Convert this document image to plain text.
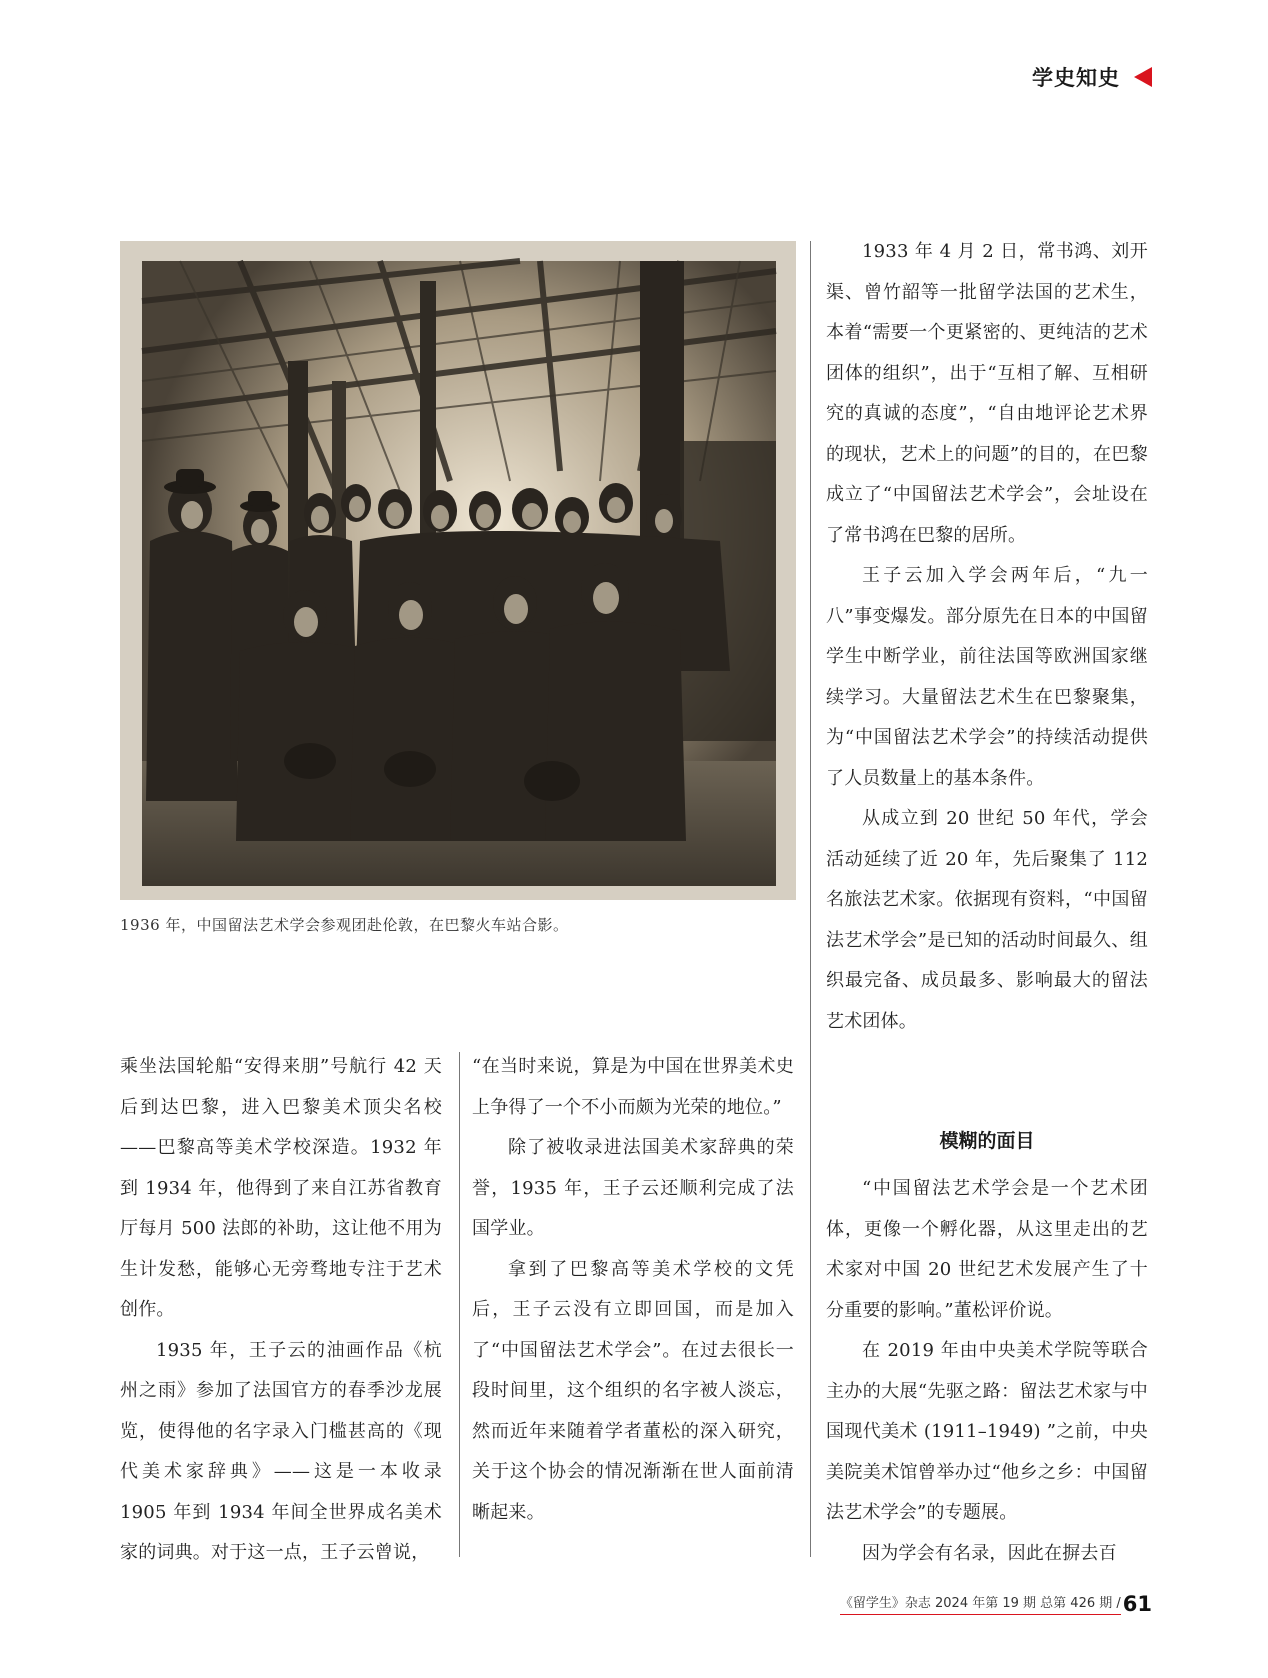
学史知史

1936 年，中国留法艺术学会参观团赴伦敦，在巴黎火车站合影。

乘坐法国轮船“安得来朋”号航行 42 天后到达巴黎，进入巴黎美术顶尖名校——巴黎高等美术学校深造。1932 年到 1934 年，他得到了来自江苏省教育厅每月 500 法郎的补助，这让他不用为生计发愁，能够心无旁骛地专注于艺术创作。

1935 年，王子云的油画作品《杭州之雨》参加了法国官方的春季沙龙展览，使得他的名字录入门槛甚高的《现代美术家辞典》——这是一本收录 1905 年到 1934 年间全世界成名美术家的词典。对于这一点，王子云曾说，

“在当时来说，算是为中国在世界美术史上争得了一个不小而颇为光荣的地位。”

除了被收录进法国美术家辞典的荣誉，1935 年，王子云还顺利完成了法国学业。

拿到了巴黎高等美术学校的文凭后，王子云没有立即回国，而是加入了“中国留法艺术学会”。在过去很长一段时间里，这个组织的名字被人淡忘，然而近年来随着学者董松的深入研究，关于这个协会的情况渐渐在世人面前清晰起来。

1933 年 4 月 2 日，常书鸿、刘开渠、曾竹韶等一批留学法国的艺术生，本着“需要一个更紧密的、更纯洁的艺术团体的组织”，出于“互相了解、互相研究的真诚的态度”，“自由地评论艺术界的现状，艺术上的问题”的目的，在巴黎成立了“中国留法艺术学会”，会址设在了常书鸿在巴黎的居所。

王子云加入学会两年后，“九一八”事变爆发。部分原先在日本的中国留学生中断学业，前往法国等欧洲国家继续学习。大量留法艺术生在巴黎聚集，为“中国留法艺术学会”的持续活动提供了人员数量上的基本条件。

从成立到 20 世纪 50 年代，学会活动延续了近 20 年，先后聚集了 112 名旅法艺术家。依据现有资料，“中国留法艺术学会”是已知的活动时间最久、组织最完备、成员最多、影响最大的留法艺术团体。

模糊的面目

“中国留法艺术学会是一个艺术团体，更像一个孵化器，从这里走出的艺术家对中国 20 世纪艺术发展产生了十分重要的影响。”董松评价说。

在 2019 年由中央美术学院等联合主办的大展“先驱之路：留法艺术家与中国现代美术 (1911–1949) ”之前，中央美院美术馆曾举办过“他乡之乡：中国留法艺术学会”的专题展。

因为学会有名录，因此在摒去百

《留学生》杂志 2024 年第 19 期 总第 426 期 / 61
